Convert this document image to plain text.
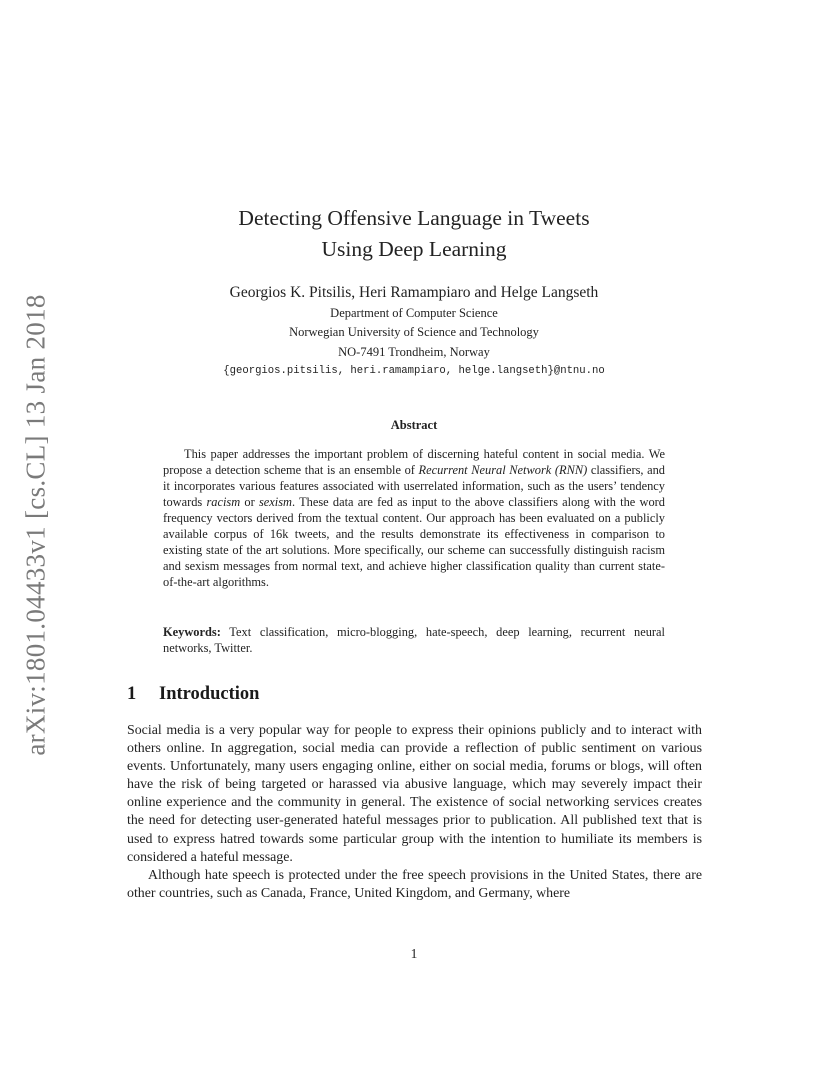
arXiv:1801.04433v1 [cs.CL] 13 Jan 2018
Detecting Offensive Language in Tweets
Using Deep Learning
Georgios K. Pitsilis, Heri Ramampiaro and Helge Langseth
Department of Computer Science
Norwegian University of Science and Technology
NO-7491 Trondheim, Norway
{georgios.pitsilis, heri.ramampiaro, helge.langseth}@ntnu.no
Abstract
This paper addresses the important problem of discerning hateful content in social media. We propose a detection scheme that is an ensemble of Recurrent Neural Network (RNN) classifiers, and it incorporates various features associated with userrelated information, such as the users’ tendency towards racism or sexism. These data are fed as input to the above classifiers along with the word frequency vectors derived from the textual content. Our approach has been evaluated on a publicly available corpus of 16k tweets, and the results demonstrate its effectiveness in comparison to existing state of the art solutions. More specifically, our scheme can successfully distinguish racism and sexism messages from normal text, and achieve higher classification quality than current state-of-the-art algorithms.
Keywords: Text classification, micro-blogging, hate-speech, deep learning, recurrent neural networks, Twitter.
1 Introduction

Social media is a very popular way for people to express their opinions publicly and to interact with others online. In aggregation, social media can provide a reflection of public sentiment on various events. Unfortunately, many users engaging online, either on social media, forums or blogs, will often have the risk of being targeted or harassed via abusive language, which may severely impact their online experience and the community in general. The existence of social networking services creates the need for detecting user-generated hateful messages prior to publication. All published text that is used to express hatred towards some particular group with the intention to humiliate its members is considered a hateful message.

Although hate speech is protected under the free speech provisions in the United States, there are other countries, such as Canada, France, United Kingdom, and Germany, where

1
